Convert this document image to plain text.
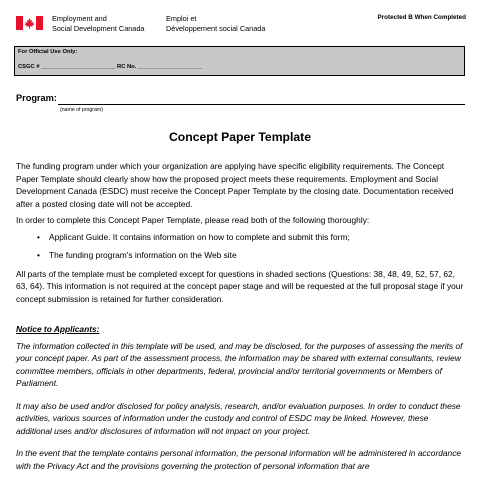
Employment and
Social Development Canada
Emploi et
Développement social Canada
Protected B When Completed
For Official Use Only:
CSGC # _______________________ RC No. ____________________
Program:
(name of program)
Concept Paper Template

The funding program under which your organization are applying have specific eligibility requirements. The Concept Paper Template should clearly show how the proposed project meets these requirements. Employment and Social Development Canada (ESDC) must receive the Concept Paper Template by the closing date. Documentation received after a posted closing date will not be accepted.

In order to complete this Concept Paper Template, please read both of the following thoroughly:

• Applicant Guide. It contains information on how to complete and submit this form;
• The funding program's information on the Web site

All parts of the template must be completed except for questions in shaded sections (Questions: 38, 48, 49, 52, 57, 62, 63, 64). This information is not required at the concept paper stage and will be requested at the full proposal stage if your concept submission is retained for further consideration.

Notice to Applicants:

The information collected in this template will be used, and may be disclosed, for the purposes of assessing the merits of your concept paper. As part of the assessment process, the information may be shared with external consultants, review committee members, officials in other departments, federal, provincial and/or territorial governments or Members of Parliament.

It may also be used and/or disclosed for policy analysis, research, and/or evaluation purposes. In order to conduct these activities, various sources of information under the custody and control of ESDC may be linked. However, these additional uses and/or disclosures of information will not impact on your project.

In the event that the template contains personal information, the personal information will be administered in accordance with the Privacy Act and the provisions governing the protection of personal information that are
